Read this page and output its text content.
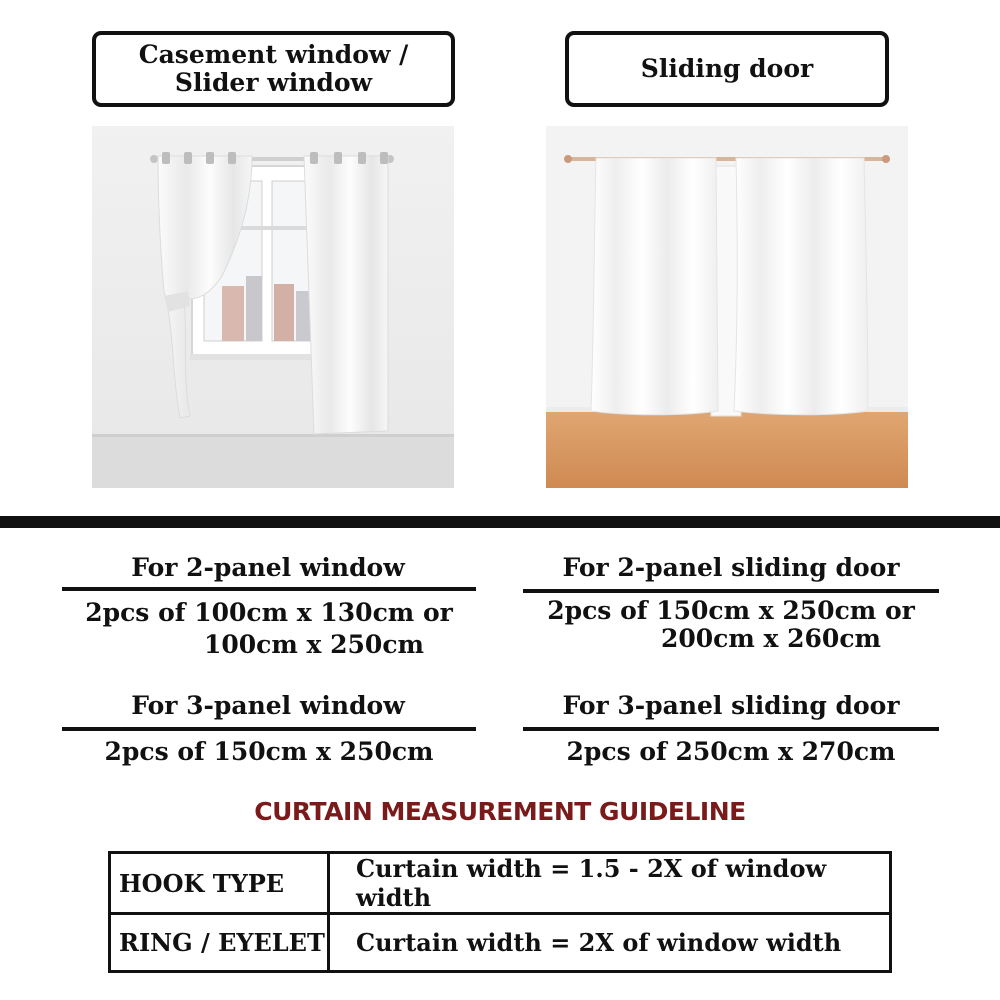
Casement window /
Slider window	Sliding door
For 2-panel window
2pcs of 100cm x 130cm or
100cm x 250cm
For 2-panel sliding door
2pcs of 150cm x 250cm or
200cm x 260cm
For 3-panel window
2pcs of 150cm x 250cm
For 3-panel sliding door
2pcs of 250cm x 270cm
CURTAIN MEASUREMENT GUIDELINE
HOOK TYPE	Curtain width = 1.5 - 2X of window width
RING / EYELET	Curtain width = 2X of window width
